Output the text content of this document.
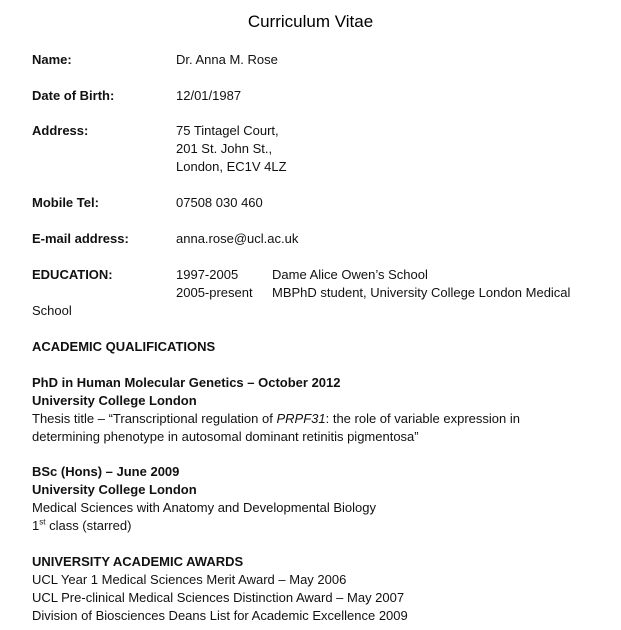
Curriculum Vitae
Name:	Dr. Anna M. Rose
Date of Birth:	12/01/1987
Address:	75 Tintagel Court,
201 St. John St.,
London, EC1V 4LZ
Mobile Tel:	07508 030 460
E-mail address:	anna.rose@ucl.ac.uk
EDUCATION:	1997-2005	Dame Alice Owen’s School
2005-present MBPhD student, University College London Medical
School
ACADEMIC QUALIFICATIONS
PhD in Human Molecular Genetics – October 2012
University College London
Thesis title – “Transcriptional regulation of PRPF31: the role of variable expression in
determining phenotype in autosomal dominant retinitis pigmentosa”
BSc (Hons) – June 2009
University College London
Medical Sciences with Anatomy and Developmental Biology
1st class (starred)
UNIVERSITY ACADEMIC AWARDS
UCL Year 1 Medical Sciences Merit Award – May 2006
UCL Pre-clinical Medical Sciences Distinction Award – May 2007
Division of Biosciences Deans List for Academic Excellence 2009
